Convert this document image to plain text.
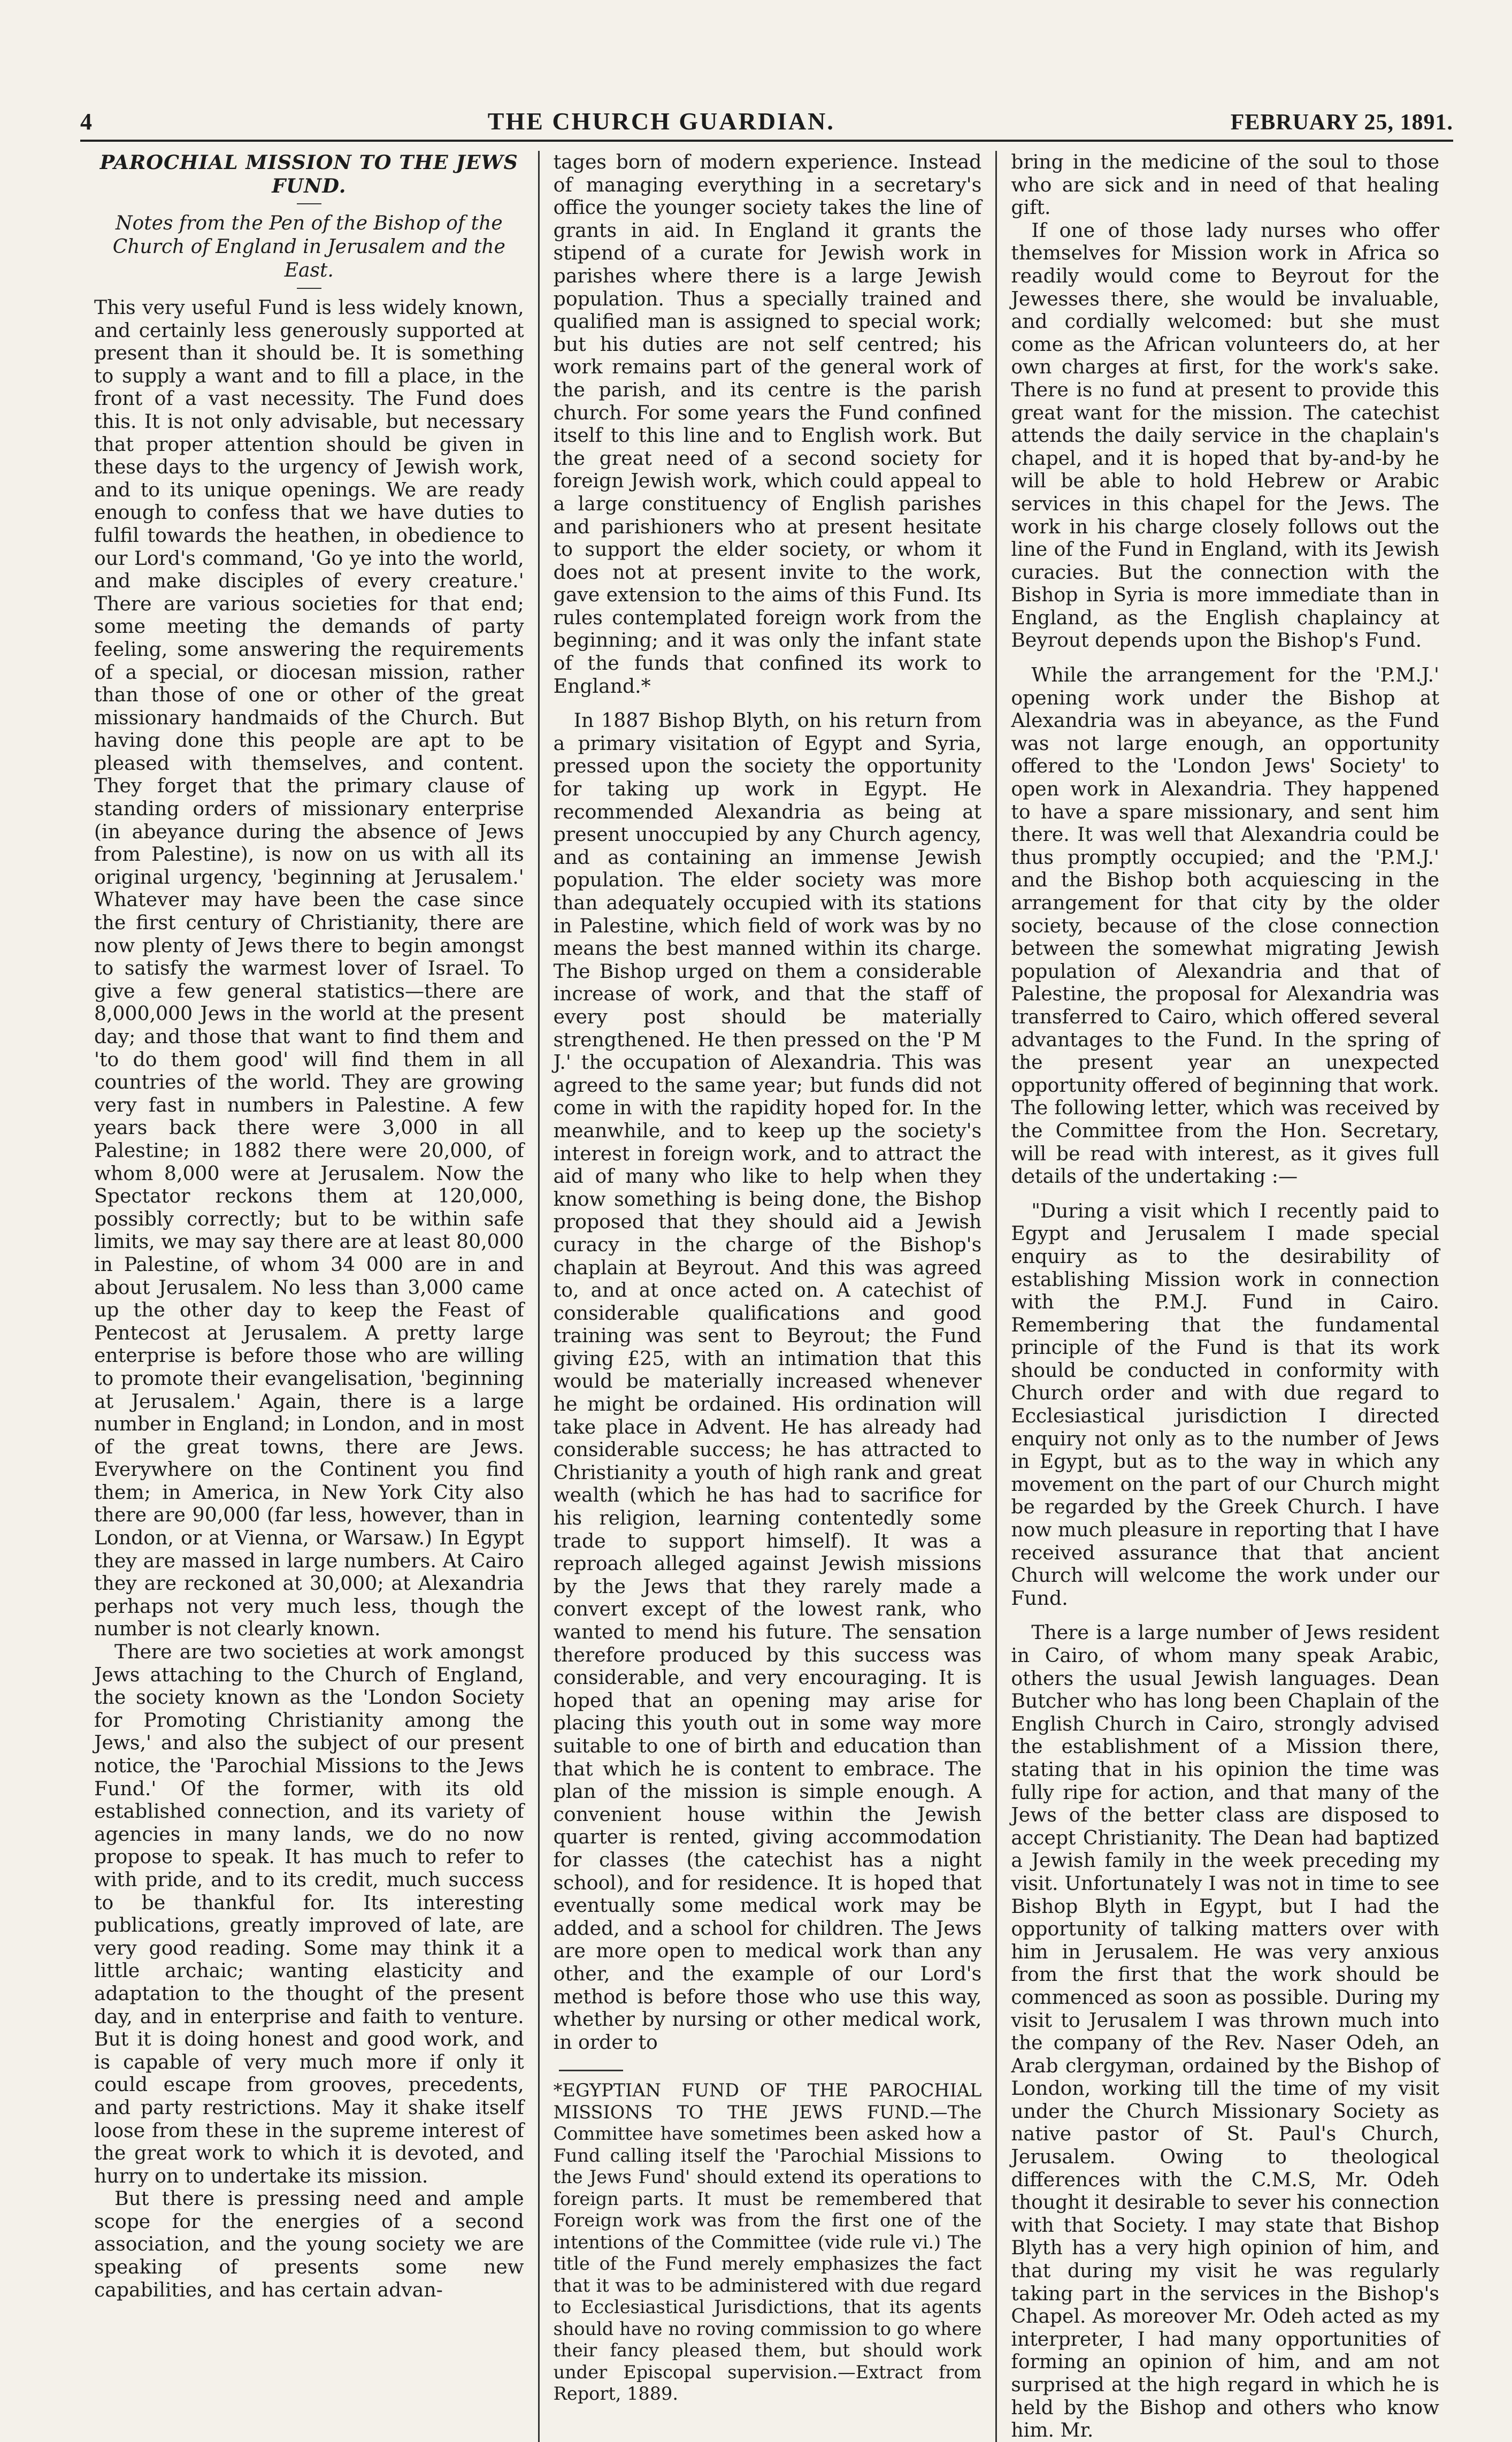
4	THE CHURCH GUARDIAN.	FEBRUARY 25, 1891.
PAROCHIAL MISSION TO THE JEWS FUND.
Notes from the Pen of the Bishop of the Church of England in Jerusalem and the East.

This very useful Fund is less widely known, and certainly less generously supported at present than it should be. It is something to supply a want and to fill a place, in the front of a vast necessity. The Fund does this. It is not only advisable, but necessary that proper attention should be given in these days to the urgency of Jewish work, and to its unique openings. We are ready enough to confess that we have duties to fulfil towards the heathen, in obedience to our Lord's command, 'Go ye into the world, and make disciples of every creature.' There are various societies for that end; some meeting the demands of party feeling, some answering the requirements of a special, or diocesan mission, rather than those of one or other of the great missionary handmaids of the Church. But having done this people are apt to be pleased with themselves, and content. They forget that the primary clause of standing orders of missionary enterprise (in abeyance during the absence of Jews from Palestine), is now on us with all its original urgency, 'beginning at Jerusalem.' Whatever may have been the case since the first century of Christianity, there are now plenty of Jews there to begin amongst to satisfy the warmest lover of Israel. To give a few general statistics—there are 8,000,000 Jews in the world at the present day; and those that want to find them and 'to do them good' will find them in all countries of the world. They are growing very fast in numbers in Palestine. A few years back there were 3,000 in all Palestine; in 1882 there were 20,000, of whom 8,000 were at Jerusalem. Now the Spectator reckons them at 120,000, possibly correctly; but to be within safe limits, we may say there are at least 80,000 in Palestine, of whom 34 000 are in and about Jerusalem. No less than 3,000 came up the other day to keep the Feast of Pentecost at Jerusalem. A pretty large enterprise is before those who are willing to promote their evangelisation, 'beginning at Jerusalem.' Again, there is a large number in England; in London, and in most of the great towns, there are Jews. Everywhere on the Continent you find them; in America, in New York City also there are 90,000 (far less, however, than in London, or at Vienna, or Warsaw.) In Egypt they are massed in large numbers. At Cairo they are reckoned at 30,000; at Alexandria perhaps not very much less, though the number is not clearly known.

There are two societies at work amongst Jews attaching to the Church of England, the society known as the 'London Society for Promoting Christianity among the Jews,' and also the subject of our present notice, the 'Parochial Missions to the Jews Fund.' Of the former, with its old established connection, and its variety of agencies in many lands, we do no now propose to speak. It has much to refer to with pride, and to its credit, much success to be thankful for. Its interesting publications, greatly improved of late, are very good reading. Some may think it a little archaic; wanting elasticity and adaptation to the thought of the present day, and in enterprise and faith to venture. But it is doing honest and good work, and is capable of very much more if only it could escape from grooves, precedents, and party restrictions. May it shake itself loose from these in the supreme interest of the great work to which it is devoted, and hurry on to undertake its mission.

But there is pressing need and ample scope for the energies of a second association, and the young society we are speaking of presents some new capabilities, and has certain advan-

tages born of modern experience. Instead of managing everything in a secretary's office the younger society takes the line of grants in aid. In England it grants the stipend of a curate for Jewish work in parishes where there is a large Jewish population. Thus a specially trained and qualified man is assigned to special work; but his duties are not self centred; his work remains part of the general work of the parish, and its centre is the parish church. For some years the Fund confined itself to this line and to English work. But the great need of a second society for foreign Jewish work, which could appeal to a large constituency of English parishes and parishioners who at present hesitate to support the elder society, or whom it does not at present invite to the work, gave extension to the aims of this Fund. Its rules contemplated foreign work from the beginning; and it was only the infant state of the funds that confined its work to England.*

In 1887 Bishop Blyth, on his return from a primary visitation of Egypt and Syria, pressed upon the society the opportunity for taking up work in Egypt. He recommended Alexandria as being at present unoccupied by any Church agency, and as containing an immense Jewish population. The elder society was more than adequately occupied with its stations in Palestine, which field of work was by no means the best manned within its charge. The Bishop urged on them a considerable increase of work, and that the staff of every post should be materially strengthened. He then pressed on the 'P M J.' the occupation of Alexandria. This was agreed to the same year; but funds did not come in with the rapidity hoped for. In the meanwhile, and to keep up the society's interest in foreign work, and to attract the aid of many who like to help when they know something is being done, the Bishop proposed that they should aid a Jewish curacy in the charge of the Bishop's chaplain at Beyrout. And this was agreed to, and at once acted on. A catechist of considerable qualifications and good training was sent to Beyrout; the Fund giving £25, with an intimation that this would be materially increased whenever he might be ordained. His ordination will take place in Advent. He has already had considerable success; he has attracted to Christianity a youth of high rank and great wealth (which he has had to sacrifice for his religion, learning contentedly some trade to support himself). It was a reproach alleged against Jewish missions by the Jews that they rarely made a convert except of the lowest rank, who wanted to mend his future. The sensation therefore produced by this success was considerable, and very encouraging. It is hoped that an opening may arise for placing this youth out in some way more suitable to one of birth and education than that which he is content to embrace. The plan of the mission is simple enough. A convenient house within the Jewish quarter is rented, giving accommodation for classes (the catechist has a night school), and for residence. It is hoped that eventually some medical work may be added, and a school for children. The Jews are more open to medical work than any other, and the example of our Lord's method is before those who use this way, whether by nursing or other medical work, in order to

*EGYPTIAN FUND OF THE PAROCHIAL MISSIONS TO THE JEWS FUND.—The Committee have sometimes been asked how a Fund calling itself the 'Parochial Missions to the Jews Fund' should extend its operations to foreign parts. It must be remembered that Foreign work was from the first one of the intentions of the Committee (vide rule vi.) The title of the Fund merely emphasizes the fact that it was to be administered with due regard to Ecclesiastical Jurisdictions, that its agents should have no roving commission to go where their fancy pleased them, but should work under Episcopal supervision.—Extract from Report, 1889.

bring in the medicine of the soul to those who are sick and in need of that healing gift.

If one of those lady nurses who offer themselves for Mission work in Africa so readily would come to Beyrout for the Jewesses there, she would be invaluable, and cordially welcomed: but she must come as the African volunteers do, at her own charges at first, for the work's sake. There is no fund at present to provide this great want for the mission. The catechist attends the daily service in the chaplain's chapel, and it is hoped that by-and-by he will be able to hold Hebrew or Arabic services in this chapel for the Jews. The work in his charge closely follows out the line of the Fund in England, with its Jewish curacies. But the connection with the Bishop in Syria is more immediate than in England, as the English chaplaincy at Beyrout depends upon the Bishop's Fund.

While the arrangement for the 'P.M.J.' opening work under the Bishop at Alexandria was in abeyance, as the Fund was not large enough, an opportunity offered to the 'London Jews' Society' to open work in Alexandria. They happened to have a spare missionary, and sent him there. It was well that Alexandria could be thus promptly occupied; and the 'P.M.J.' and the Bishop both acquiescing in the arrangement for that city by the older society, because of the close connection between the somewhat migrating Jewish population of Alexandria and that of Palestine, the proposal for Alexandria was transferred to Cairo, which offered several advantages to the Fund. In the spring of the present year an unexpected opportunity offered of beginning that work. The following letter, which was received by the Committee from the Hon. Secretary, will be read with interest, as it gives full details of the undertaking :—

"During a visit which I recently paid to Egypt and Jerusalem I made special enquiry as to the desirability of establishing Mission work in connection with the P.M.J. Fund in Cairo. Remembering that the fundamental principle of the Fund is that its work should be conducted in conformity with Church order and with due regard to Ecclesiastical jurisdiction I directed enquiry not only as to the number of Jews in Egypt, but as to the way in which any movement on the part of our Church might be regarded by the Greek Church. I have now much pleasure in reporting that I have received assurance that that ancient Church will welcome the work under our Fund.

There is a large number of Jews resident in Cairo, of whom many speak Arabic, others the usual Jewish languages. Dean Butcher who has long been Chaplain of the English Church in Cairo, strongly advised the establishment of a Mission there, stating that in his opinion the time was fully ripe for action, and that many of the Jews of the better class are disposed to accept Christianity. The Dean had baptized a Jewish family in the week preceding my visit. Unfortunately I was not in time to see Bishop Blyth in Egypt, but I had the opportunity of talking matters over with him in Jerusalem. He was very anxious from the first that the work should be commenced as soon as possible. During my visit to Jerusalem I was thrown much into the company of the Rev. Naser Odeh, an Arab clergyman, ordained by the Bishop of London, working till the time of my visit under the Church Missionary Society as native pastor of St. Paul's Church, Jerusalem. Owing to theological differences with the C.M.S, Mr. Odeh thought it desirable to sever his connection with that Society. I may state that Bishop Blyth has a very high opinion of him, and that during my visit he was regularly taking part in the services in the Bishop's Chapel. As moreover Mr. Odeh acted as my interpreter, I had many opportunities of forming an opinion of him, and am not surprised at the high regard in which he is held by the Bishop and others who know him. Mr.
